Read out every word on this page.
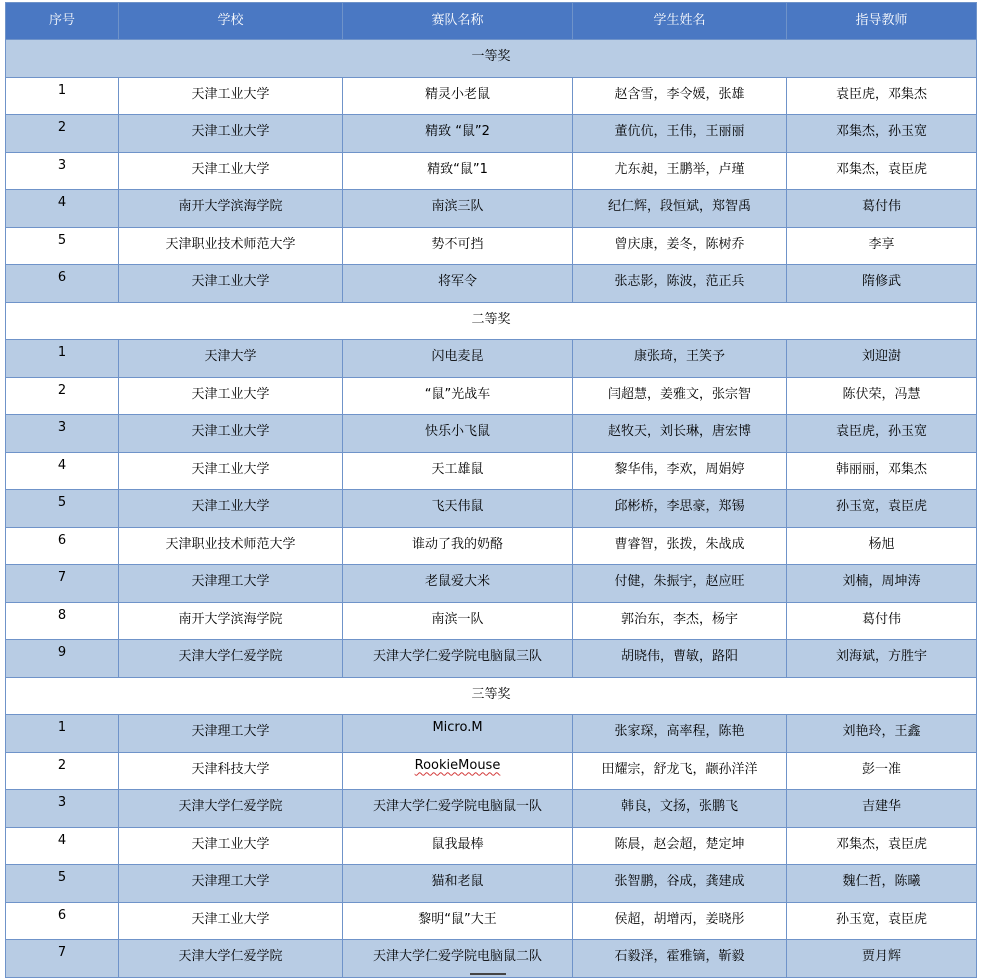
序号	学校	赛队名称	学生姓名	指导教师
一等奖				
1	天津工业大学	精灵小老鼠	赵含雪，李令媛，张雄	袁臣虎，邓集杰
2	天津工业大学	精致 “鼠”2	董伉伉，王伟，王丽丽	邓集杰，孙玉宽
3	天津工业大学	精致“鼠”1	尤东昶，王鹏举，卢瑾	邓集杰，袁臣虎
4	南开大学滨海学院	南滨三队	纪仁辉，段恒斌，郑智禹	葛付伟
5	天津职业技术师范大学	势不可挡	曾庆康，姜冬，陈树乔	李享
6	天津工业大学	将军令	张志影，陈波，范正兵	隋修武
二等奖				
1	天津大学	闪电麦昆	康张琦，王笑予	刘迎澍
2	天津工业大学	“鼠”光战车	闫超慧，姜雅文，张宗智	陈伏荣，冯慧
3	天津工业大学	快乐小飞鼠	赵牧天，刘长琳，唐宏博	袁臣虎，孙玉宽
4	天津工业大学	天工雄鼠	黎华伟，李欢，周娟婷	韩丽丽，邓集杰
5	天津工业大学	飞天伟鼠	邱彬桥，李思豪，郑锡	孙玉宽，袁臣虎
6	天津职业技术师范大学	谁动了我的奶酪	曹睿智，张拨，朱战成	杨旭
7	天津理工大学	老鼠爱大米	付健，朱振宇，赵应旺	刘楠，周坤涛
8	南开大学滨海学院	南滨一队	郭治东，李杰，杨宇	葛付伟
9	天津大学仁爱学院	天津大学仁爱学院电脑鼠三队	胡晓伟，曹敏，路阳	刘海斌，方胜宇
三等奖				
1	天津理工大学	Micro.M	张家琛，高率程，陈艳	刘艳玲，王鑫
2	天津科技大学	RookieMouse	田耀宗，舒龙飞，颛孙洋洋	彭一准
3	天津大学仁爱学院	天津大学仁爱学院电脑鼠一队	韩良，文扬，张鹏飞	吉建华
4	天津工业大学	鼠我最棒	陈晨，赵会超，楚定坤	邓集杰，袁臣虎
5	天津理工大学	猫和老鼠	张智鹏，谷成，龚建成	魏仁哲，陈曦
6	天津工业大学	黎明“鼠”大王	侯超，胡增丙，姜晓彤	孙玉宽，袁臣虎
7	天津大学仁爱学院	天津大学仁爱学院电脑鼠二队	石毅泽，霍雅镝，靳毅	贾月辉
